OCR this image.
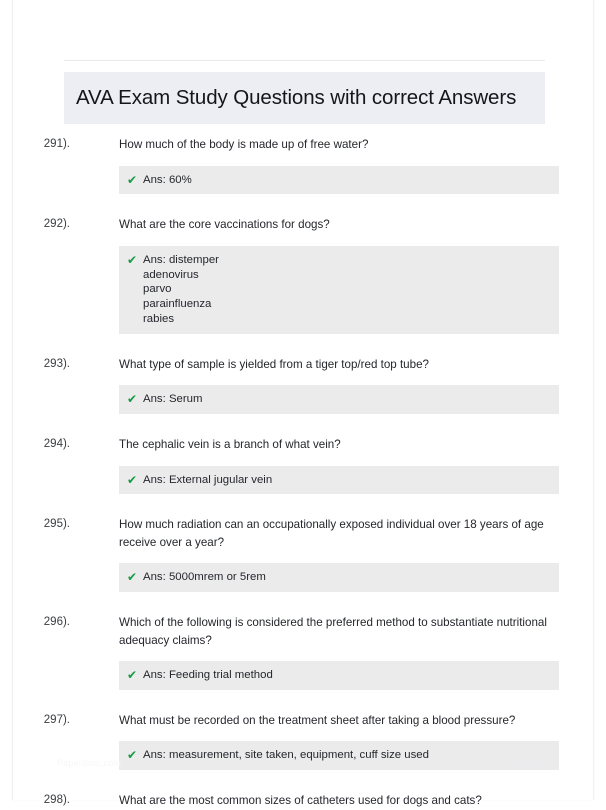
AVA Exam Study Questions with correct Answers
291).	How much of the body is made up of free water?
✔ Ans: 60%
292).	What are the core vaccinations for dogs?
✔ Ans: distemper
adenovirus
parvo
parainfluenza
rabies
293).	What type of sample is yielded from a tiger top/red top tube?
✔ Ans: Serum
294).	The cephalic vein is a branch of what vein?
✔ Ans: External jugular vein
295).	How much radiation can an occupationally exposed individual over 18 years of age receive over a year?
✔ Ans: 5000mrem or 5rem
296).	Which of the following is considered the preferred method to substantiate nutritional adequacy claims?
✔ Ans: Feeding trial method
297).	What must be recorded on the treatment sheet after taking a blood pressure?
✔ Ans: measurement, site taken, equipment, cuff size used
298).	What are the most common sizes of catheters used for dogs and cats?
PaperStoc.com	Page 1 of 15
